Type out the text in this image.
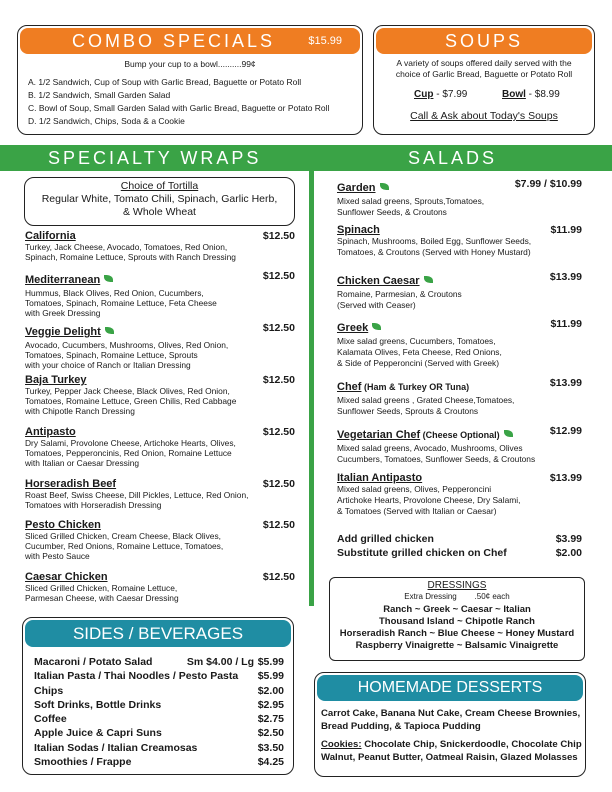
COMBO SPECIALS	$15.99
Bump your cup to a bowl..........99¢
A. 1/2 Sandwich, Cup of Soup with Garlic Bread, Baguette or Potato Roll
B. 1/2 Sandwich, Small Garden Salad
C. Bowl of Soup, Small Garden Salad with Garlic Bread, Baguette or Potato Roll
D. 1/2 Sandwich, Chips, Soda & a Cookie
SOUPS
A variety of soups offered daily served with the
choice of Garlic Bread, Baguette or Potato Roll
Cup - $7.99	Bowl - $8.99
Call & Ask about Today's Soups
SPECIALTY WRAPS	SALADS
Choice of Tortilla
Regular White, Tomato Chili, Spinach, Garlic Herb,
& Whole Wheat
California	$12.50
Turkey, Jack Cheese, Avocado, Tomatoes, Red Onion,
Spinach, Romaine Lettuce, Sprouts with Ranch Dressing
Mediterranean	$12.50
Hummus, Black Olives, Red Onion, Cucumbers,
Tomatoes, Spinach, Romaine Lettuce, Feta Cheese
with Greek Dressing
Veggie Delight	$12.50
Avocado, Cucumbers, Mushrooms, Olives, Red Onion,
Tomatoes, Spinach, Romaine Lettuce, Sprouts
with your choice of Ranch or Italian Dressing
Baja Turkey	$12.50
Turkey, Pepper Jack Cheese, Black Olives, Red Onion,
Tomatoes, Romaine Lettuce, Green Chilis, Red Cabbage
with Chipotle Ranch Dressing
Antipasto	$12.50
Dry Salami, Provolone Cheese, Artichoke Hearts, Olives,
Tomatoes, Pepperoncinis, Red Onion, Romaine Lettuce
with Italian or Caesar Dressing
Horseradish Beef	$12.50
Roast Beef, Swiss Cheese, Dill Pickles, Lettuce, Red Onion,
Tomatoes with Horseradish Dressing
Pesto Chicken	$12.50
Sliced Grilled Chicken, Cream Cheese, Black Olives,
Cucumber, Red Onions, Romaine Lettuce, Tomatoes,
with Pesto Sauce
Caesar Chicken	$12.50
Sliced Grilled Chicken, Romaine Lettuce,
Parmesan Cheese, with Caesar Dressing
Garden	$7.99 / $10.99
Mixed salad greens, Sprouts,Tomatoes,
Sunflower Seeds, & Croutons
Spinach	$11.99
Spinach, Mushrooms, Boiled Egg, Sunflower Seeds,
Tomatoes, & Croutons (Served with Honey Mustard)
Chicken Caesar	$13.99
Romaine, Parmesian, & Croutons
(Served with Ceaser)
Greek	$11.99
Mixe salad greens, Cucumbers, Tomatoes,
Kalamata Olives, Feta Cheese, Red Onions,
& Side of Pepperoncini (Served with Greek)
Chef (Ham & Turkey OR Tuna)	$13.99
Mixed salad greens , Grated Cheese,Tomatoes,
Sunflower Seeds, Sprouts & Croutons
Vegetarian Chef (Cheese Optional)	$12.99
Mixed salad greens, Avocado, Mushrooms, Olives
Cucumbers, Tomatoes, Sunflower Seeds, & Croutons
Italian Antipasto	$13.99
Mixed salad greens, Olives, Pepperoncini
Artichoke Hearts, Provolone Cheese, Dry Salami,
& Tomatoes (Served with Italian or Caesar)
Add grilled chicken	$3.99
Substitute grilled chicken on Chef	$2.00
DRESSINGS
Extra Dressing        .50¢ each
Ranch ~ Greek ~ Caesar ~ Italian
Thousand Island ~ Chipotle Ranch
Horseradish Ranch ~ Blue Cheese ~ Honey Mustard
Raspberry Vinaigrette ~ Balsamic Vinaigrette
SIDES / BEVERAGES
Macaroni / Potato Salad	Sm $4.00 / Lg $5.99
Italian Pasta / Thai Noodles / Pesto Pasta $5.99
Chips	$2.00
Soft Drinks, Bottle Drinks	$2.95
Coffee	$2.75
Apple Juice & Capri Suns	$2.50
Italian Sodas / Italian Creamosas	$3.50
Smoothies / Frappe	$4.25
HOMEMADE DESSERTS
Carrot Cake, Banana Nut Cake, Cream Cheese Brownies,
Bread Pudding, & Tapioca Pudding
Cookies: Chocolate Chip, Snickerdoodle, Chocolate Chip
Walnut, Peanut Butter, Oatmeal Raisin, Glazed Molasses
